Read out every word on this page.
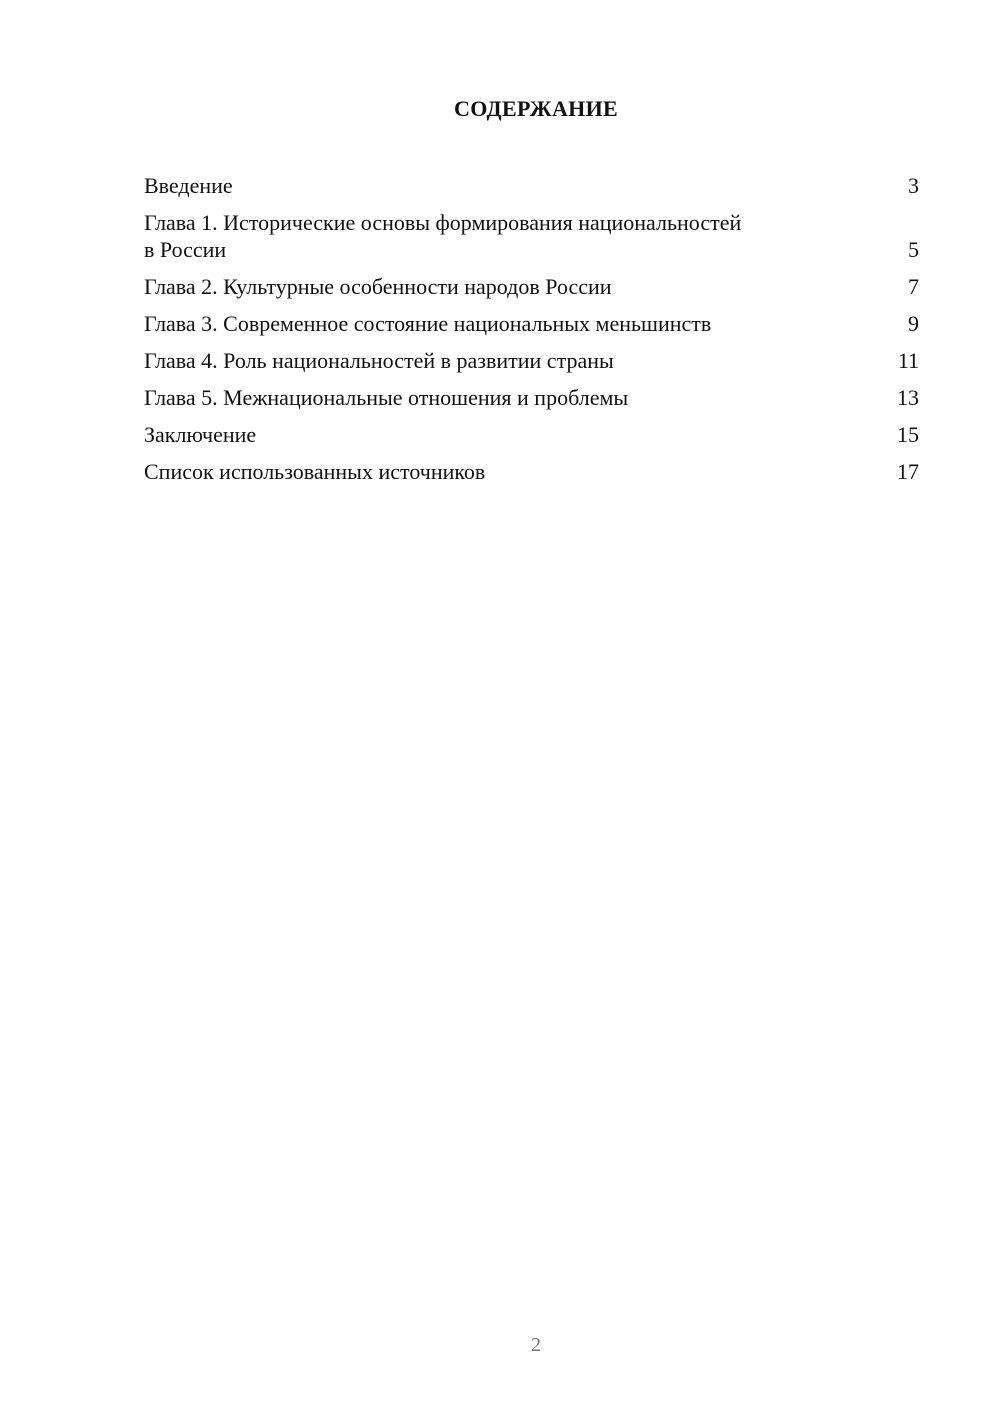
СОДЕРЖАНИЕ
Введение	3
Глава 1. Исторические основы формирования национальностей
в России	5
Глава 2. Культурные особенности народов России	7
Глава 3. Современное состояние национальных меньшинств	9
Глава 4. Роль национальностей в развитии страны	11
Глава 5. Межнациональные отношения и проблемы	13
Заключение	15
Список использованных источников	17
2
